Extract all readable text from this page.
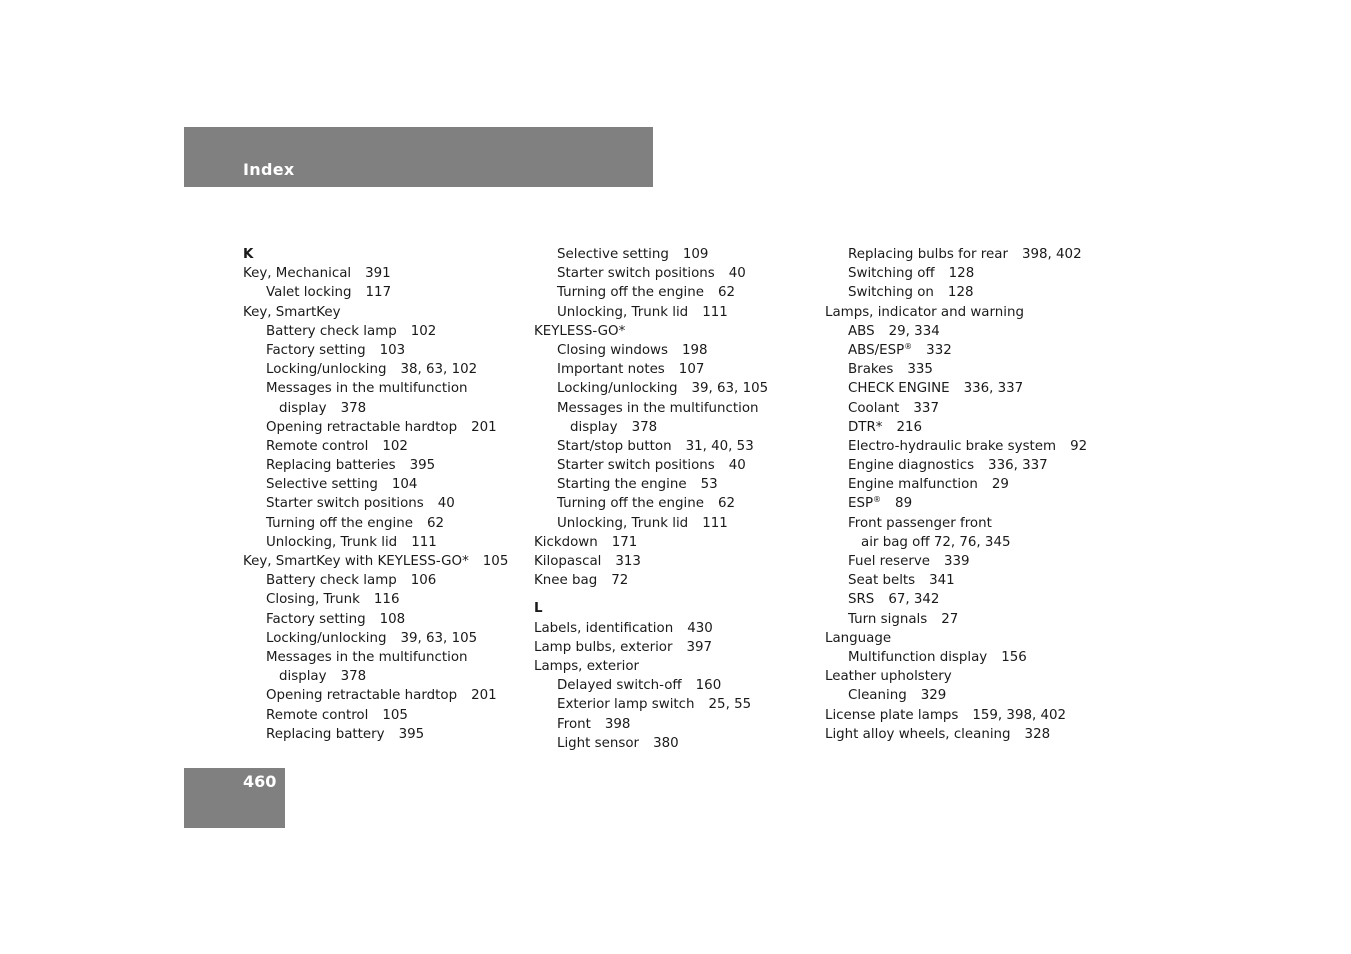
Index
K
Key, Mechanical 391
Valet locking 117
Key, SmartKey
Battery check lamp 102
Factory setting 103
Locking/unlocking 38, 63, 102
Messages in the multifunction
display 378
Opening retractable hardtop 201
Remote control 102
Replacing batteries 395
Selective setting 104
Starter switch positions 40
Turning off the engine 62
Unlocking, Trunk lid 111
Key, SmartKey with KEYLESS-GO* 105
Battery check lamp 106
Closing, Trunk 116
Factory setting 108
Locking/unlocking 39, 63, 105
Messages in the multifunction
display 378
Opening retractable hardtop 201
Remote control 105
Replacing battery 395
Selective setting 109
Starter switch positions 40
Turning off the engine 62
Unlocking, Trunk lid 111
KEYLESS-GO*
Closing windows 198
Important notes 107
Locking/unlocking 39, 63, 105
Messages in the multifunction
display 378
Start/stop button 31, 40, 53
Starter switch positions 40
Starting the engine 53
Turning off the engine 62
Unlocking, Trunk lid 111
Kickdown 171
Kilopascal 313
Knee bag 72
L
Labels, identification 430
Lamp bulbs, exterior 397
Lamps, exterior
Delayed switch-off 160
Exterior lamp switch 25, 55
Front 398
Light sensor 380
Replacing bulbs for rear 398, 402
Switching off 128
Switching on 128
Lamps, indicator and warning
ABS 29, 334
ABS/ESP® 332
Brakes 335
CHECK ENGINE 336, 337
Coolant 337
DTR* 216
Electro-hydraulic brake system 92
Engine diagnostics 336, 337
Engine malfunction 29
ESP® 89
Front passenger front
air bag off 72, 76, 345
Fuel reserve 339
Seat belts 341
SRS 67, 342
Turn signals 27
Language
Multifunction display 156
Leather upholstery
Cleaning 329
License plate lamps 159, 398, 402
Light alloy wheels, cleaning 328
460
